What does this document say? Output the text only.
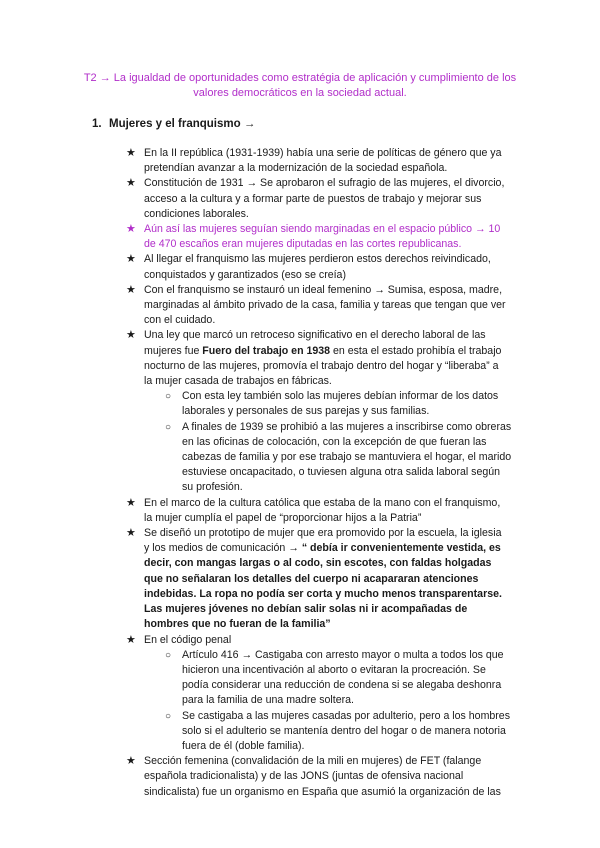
T2 → La igualdad de oportunidades como estratégia de aplicación y cumplimiento de los
valores democráticos en la sociedad actual.
1. Mujeres y el franquismo →
★ En la II república (1931-1939) había una serie de políticas de género que ya
pretendían avanzar a la modernización de la sociedad española.
★ Constitución de 1931 → Se aprobaron el sufragio de las mujeres, el divorcio,
acceso a la cultura y a formar parte de puestos de trabajo y mejorar sus
condiciones laborales.
★ Aún así las mujeres seguían siendo marginadas en el espacio público → 10
de 470 escaños eran mujeres diputadas en las cortes republicanas.
★ Al llegar el franquismo las mujeres perdieron estos derechos reivindicado,
conquistados y garantizados (eso se creía)
★ Con el franquismo se instauró un ideal femenino → Sumisa, esposa, madre,
marginadas al ámbito privado de la casa, familia y tareas que tengan que ver
con el cuidado.
★ Una ley que marcó un retroceso significativo en el derecho laboral de las
mujeres fue Fuero del trabajo en 1938 en esta el estado prohibía el trabajo
nocturno de las mujeres, promovía el trabajo dentro del hogar y “liberaba” a
la mujer casada de trabajos en fábricas.
○ Con esta ley también solo las mujeres debían informar de los datos
laborales y personales de sus parejas y sus familias.
○ A finales de 1939 se prohibió a las mujeres a inscribirse como obreras
en las oficinas de colocación, con la excepción de que fueran las
cabezas de familia y por ese trabajo se mantuviera el hogar, el marido
estuviese oncapacitado, o tuviesen alguna otra salida laboral según
su profesión.
★ En el marco de la cultura católica que estaba de la mano con el franquismo,
la mujer cumplía el papel de “proporcionar hijos a la Patria”
★ Se diseñó un prototipo de mujer que era promovido por la escuela, la iglesia
y los medios de comunicación → “ debía ir convenientemente vestida, es
decir, con mangas largas o al codo, sin escotes, con faldas holgadas
que no señalaran los detalles del cuerpo ni acapararan atenciones
indebidas. La ropa no podía ser corta y mucho menos transparentarse.
Las mujeres jóvenes no debían salir solas ni ir acompañadas de
hombres que no fueran de la familia”
★ En el código penal
○ Artículo 416 → Castigaba con arresto mayor o multa a todos los que
hicieron una incentivación al aborto o evitaran la procreación. Se
podía considerar una reducción de condena si se alegaba deshonra
para la familia de una madre soltera.
○ Se castigaba a las mujeres casadas por adulterio, pero a los hombres
solo si el adulterio se mantenía dentro del hogar o de manera notoria
fuera de él (doble familia).
★ Sección femenina (convalidación de la mili en mujeres) de FET (falange
española tradicionalista) y de las JONS (juntas de ofensiva nacional
sindicalista) fue un organismo en España que asumió la organización de las
